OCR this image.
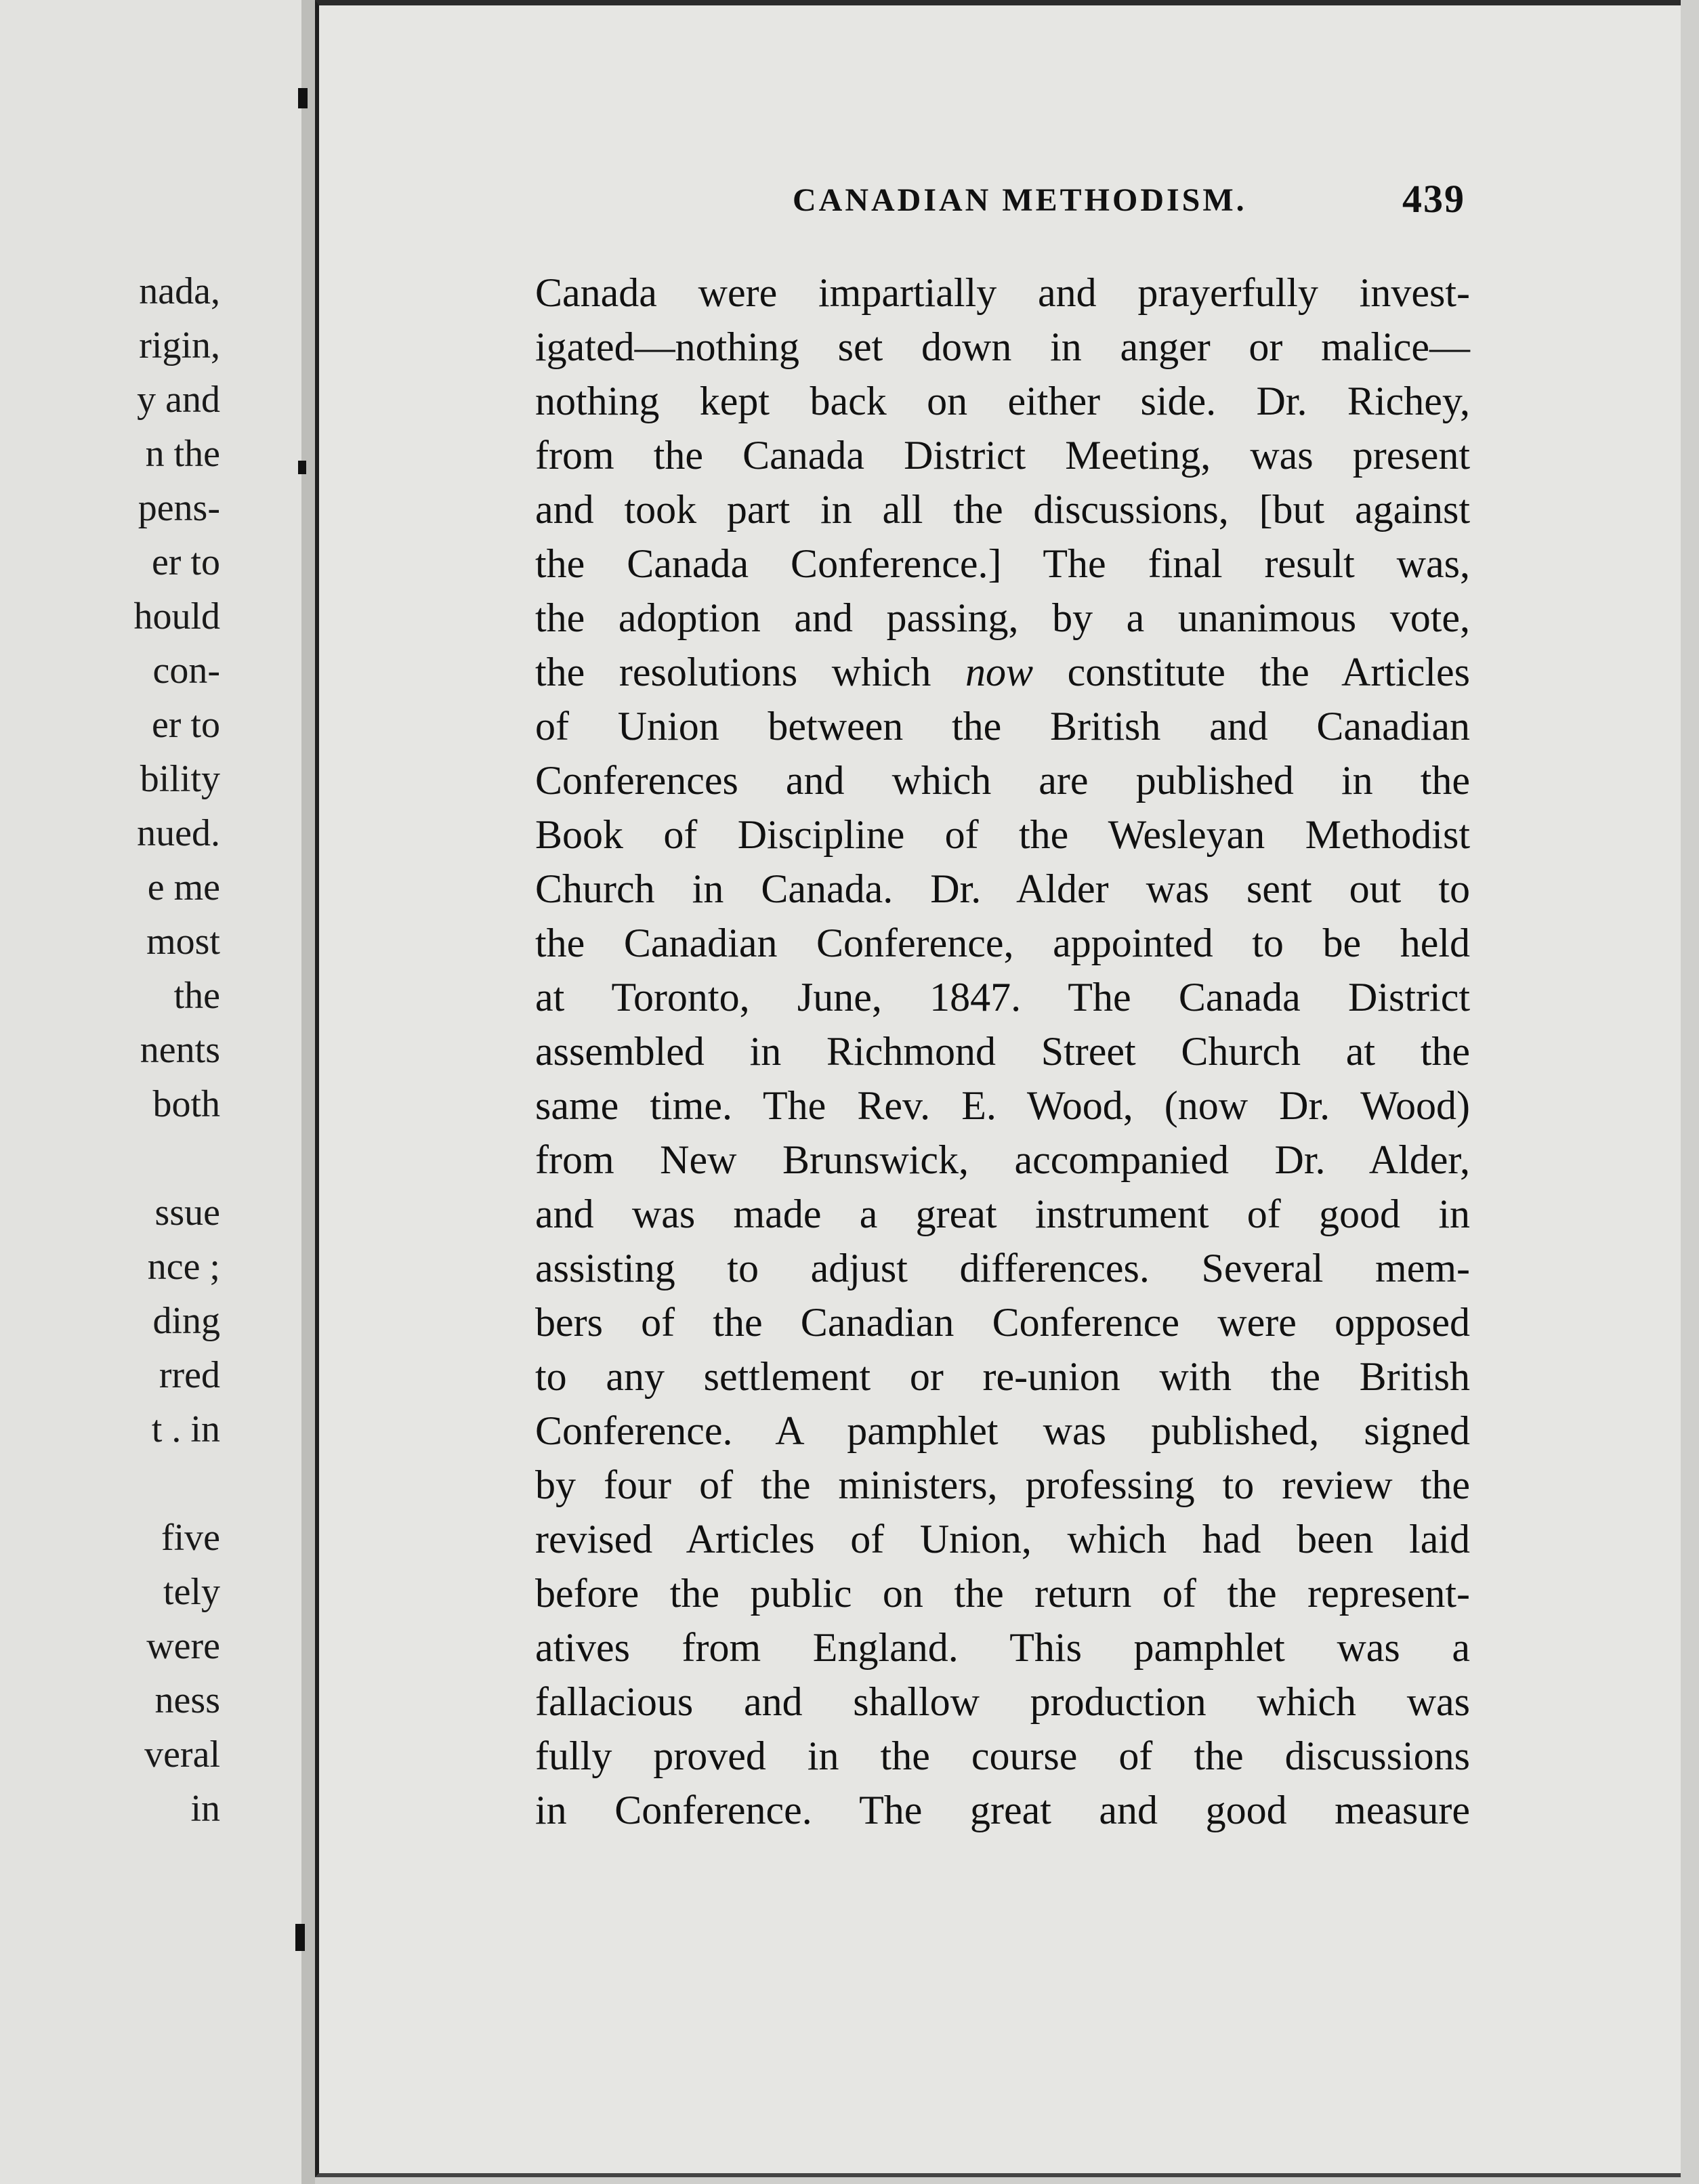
nada,
rigin,
y and
n the
pens-
er to
hould
con-
er to
bility
nued.
e me
most
the
nents
both
ssue
nce ;
ding
rred
t . in
five
tely
were
ness
veral
in
CANADIAN METHODISM.	439
Canada were impartially and prayerfully invest-
igated—nothing set down in anger or malice—
nothing kept back on either side. Dr. Richey,
from the Canada District Meeting, was present
and took part in all the discussions, [but against
the Canada Conference.] The final result was,
the adoption and passing, by a unanimous vote,
the resolutions which now constitute the Articles
of Union between the British and Canadian
Conferences and which are published in the
Book of Discipline of the Wesleyan Methodist
Church in Canada. Dr. Alder was sent out to
the Canadian Conference, appointed to be held
at Toronto, June, 1847. The Canada District
assembled in Richmond Street Church at the
same time. The Rev. E. Wood, (now Dr. Wood)
from New Brunswick, accompanied Dr. Alder,
and was made a great instrument of good in
assisting to adjust differences. Several mem-
bers of the Canadian Conference were opposed
to any settlement or re-union with the British
Conference. A pamphlet was published, signed
by four of the ministers, professing to review the
revised Articles of Union, which had been laid
before the public on the return of the represent-
atives from England. This pamphlet was a
fallacious and shallow production which was
fully proved in the course of the discussions
in Conference. The great and good measure
